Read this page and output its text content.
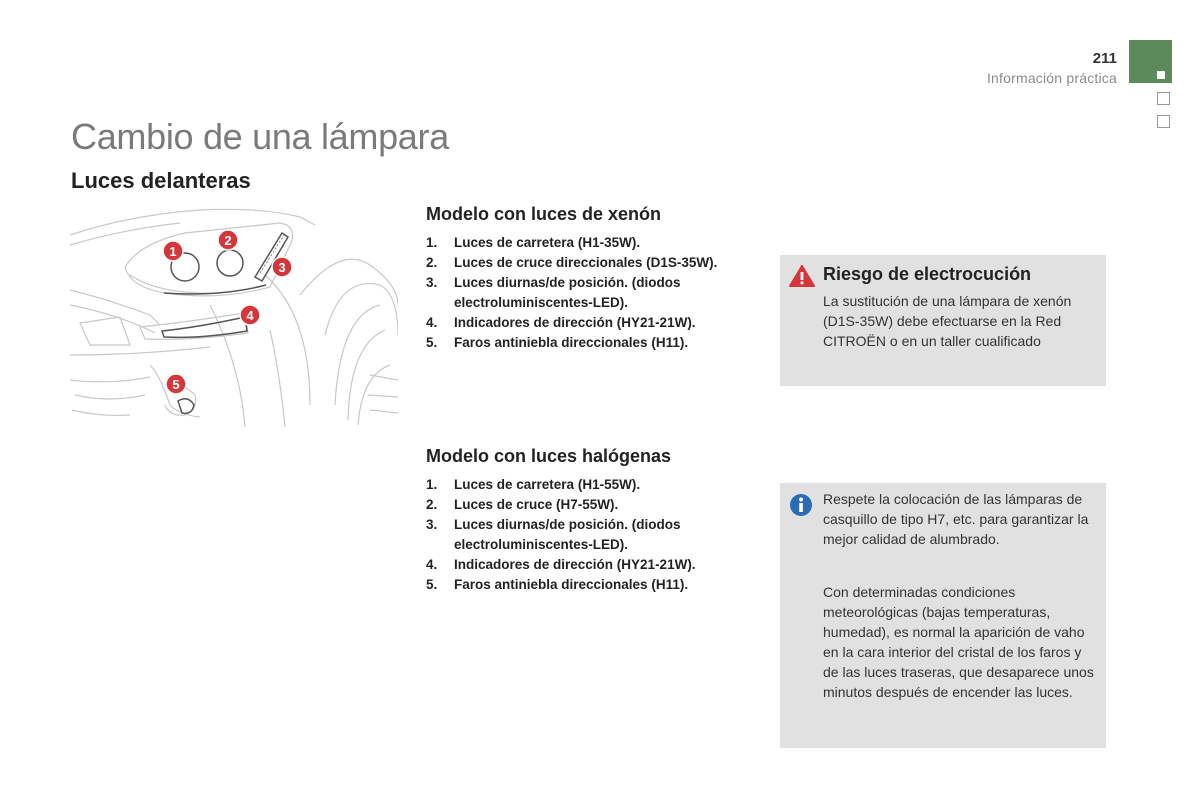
211
Información práctica
Cambio de una lámpara
Luces delanteras
1
2
3
4
5
Modelo con luces de xenón
1.	Luces de carretera (H1-35W).
2.	Luces de cruce direccionales (D1S-35W).
3.	Luces diurnas/de posición. (diodos electroluminiscentes-LED).
4.	Indicadores de dirección (HY21-21W).
5.	Faros antiniebla direccionales (H11).
Modelo con luces halógenas
1.	Luces de carretera (H1-55W).
2.	Luces de cruce (H7-55W).
3.	Luces diurnas/de posición. (diodos electroluminiscentes-LED).
4.	Indicadores de dirección (HY21-21W).
5.	Faros antiniebla direccionales (H11).
Riesgo de electrocución
La sustitución de una lámpara de xenón (D1S-35W) debe efectuarse en la Red CITROËN o en un taller cualificado

Respete la colocación de las lámparas de casquillo de tipo H7, etc. para garantizar la mejor calidad de alumbrado.

Con determinadas condiciones meteorológicas (bajas temperaturas, humedad), es normal la aparición de vaho en la cara interior del cristal de los faros y de las luces traseras, que desaparece unos minutos después de encender las luces.
